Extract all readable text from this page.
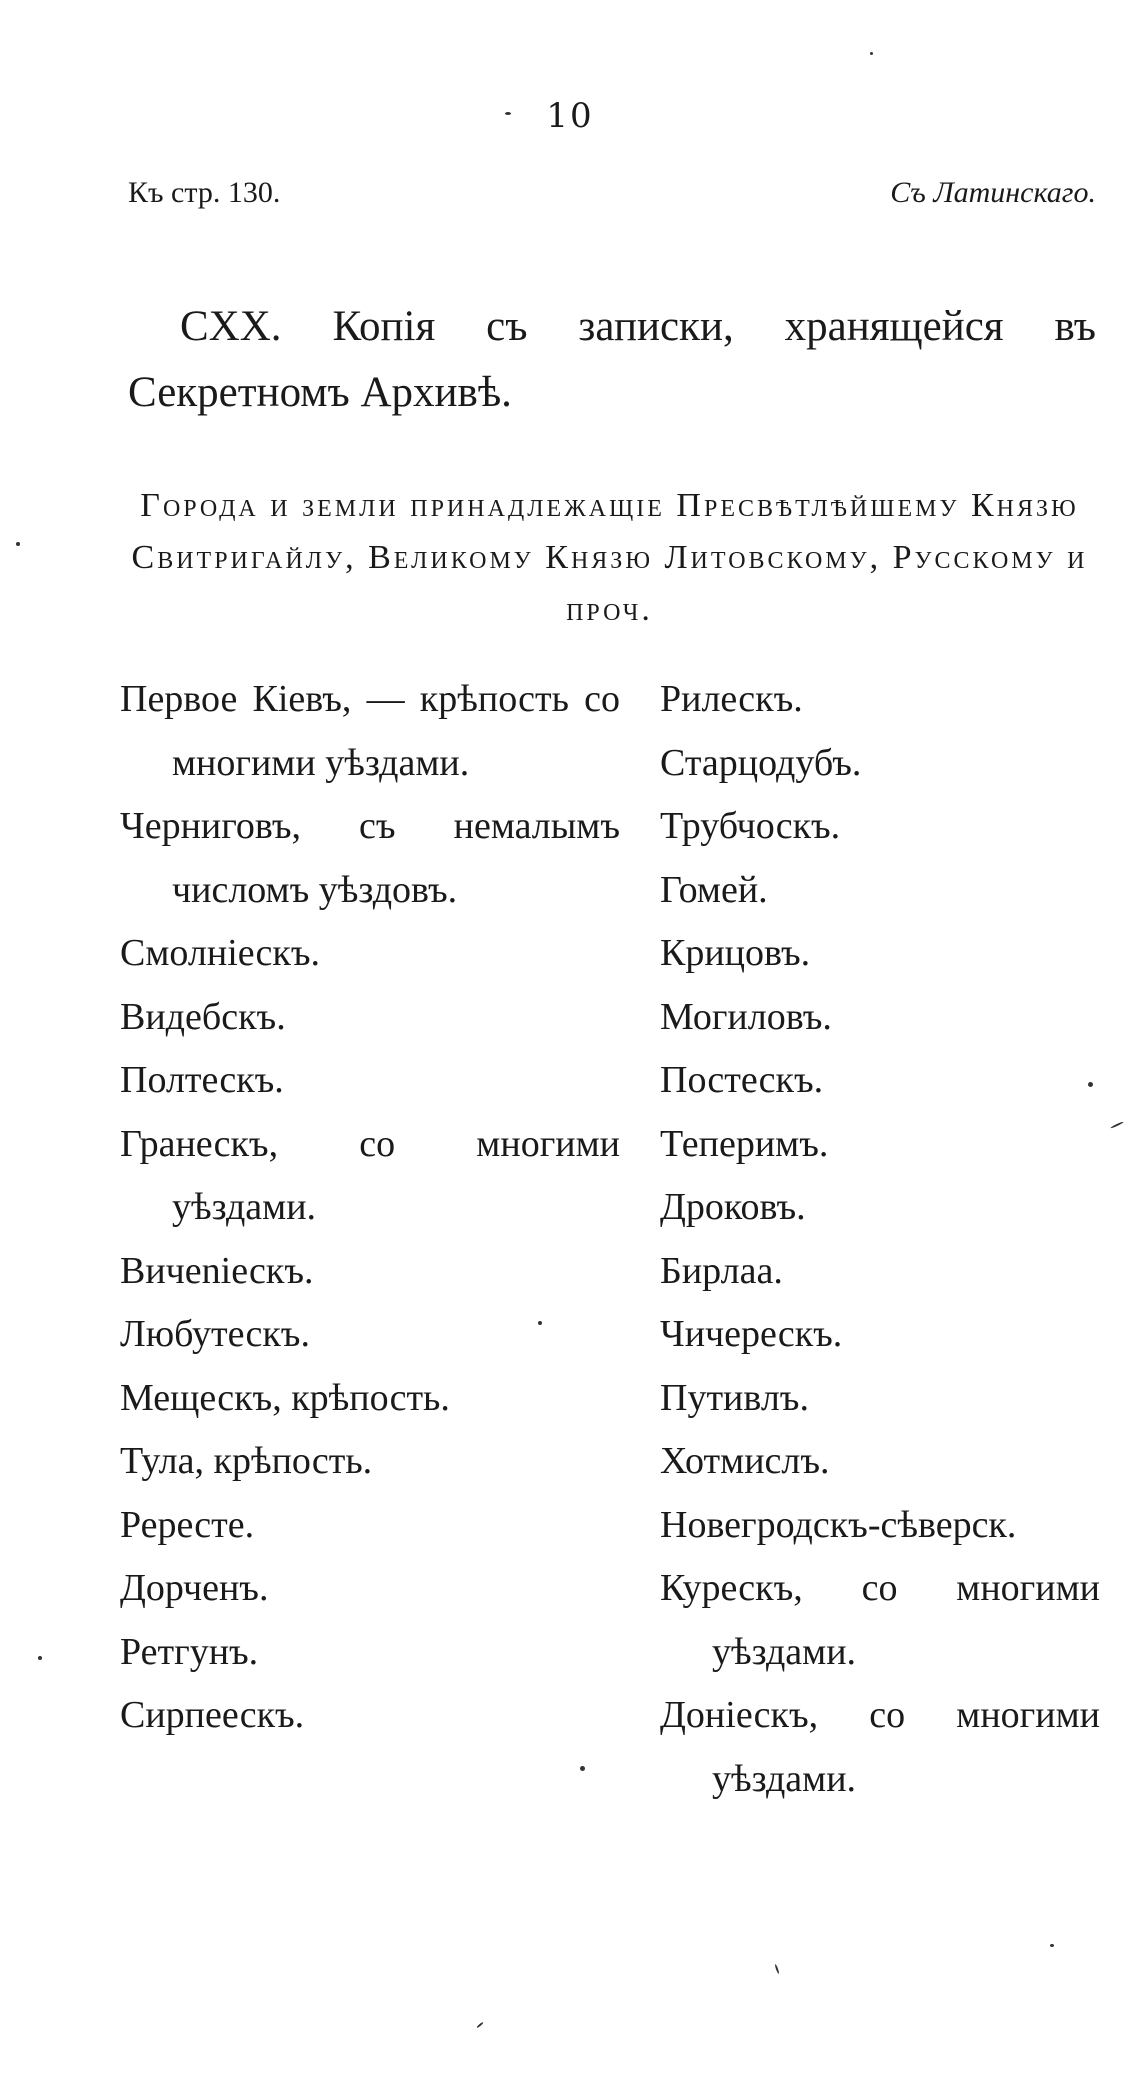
10
Къ стр. 130.	Съ Латинскаго.
CXX. Копія съ записки, хранящейся въ Секретномъ Архивѣ.
Города и земли принадлежащіе Пресвѣтлѣйшему Князю Свитригайлу, Великому Князю Литовскому, Русскому и проч.
Первое Кіевъ, — крѣпость со многими уѣздами.
Черниговъ, съ немалымъ числомъ уѣздовъ.
Смолніескъ.
Видебскъ.
Полтескъ.
Гранескъ, со многими уѣздами.
Вичеnіескъ.
Любутескъ.
Мещескъ, крѣпость.
Тула, крѣпость.
Ререстe.
Дорченъ.
Ретгунъ.
Сирпеескъ.
Рилескъ.
Старцодубъ.
Трубчоскъ.
Гомей.
Крицовъ.
Могиловъ.
Постескъ.
Теперимъ.
Дроковъ.
Бирлаа.
Чичерескъ.
Путивлъ.
Хотмислъ.
Новегродскъ-сѣверск.
Курескъ, со многими уѣздами.
Доніескъ, со многими уѣздами.
